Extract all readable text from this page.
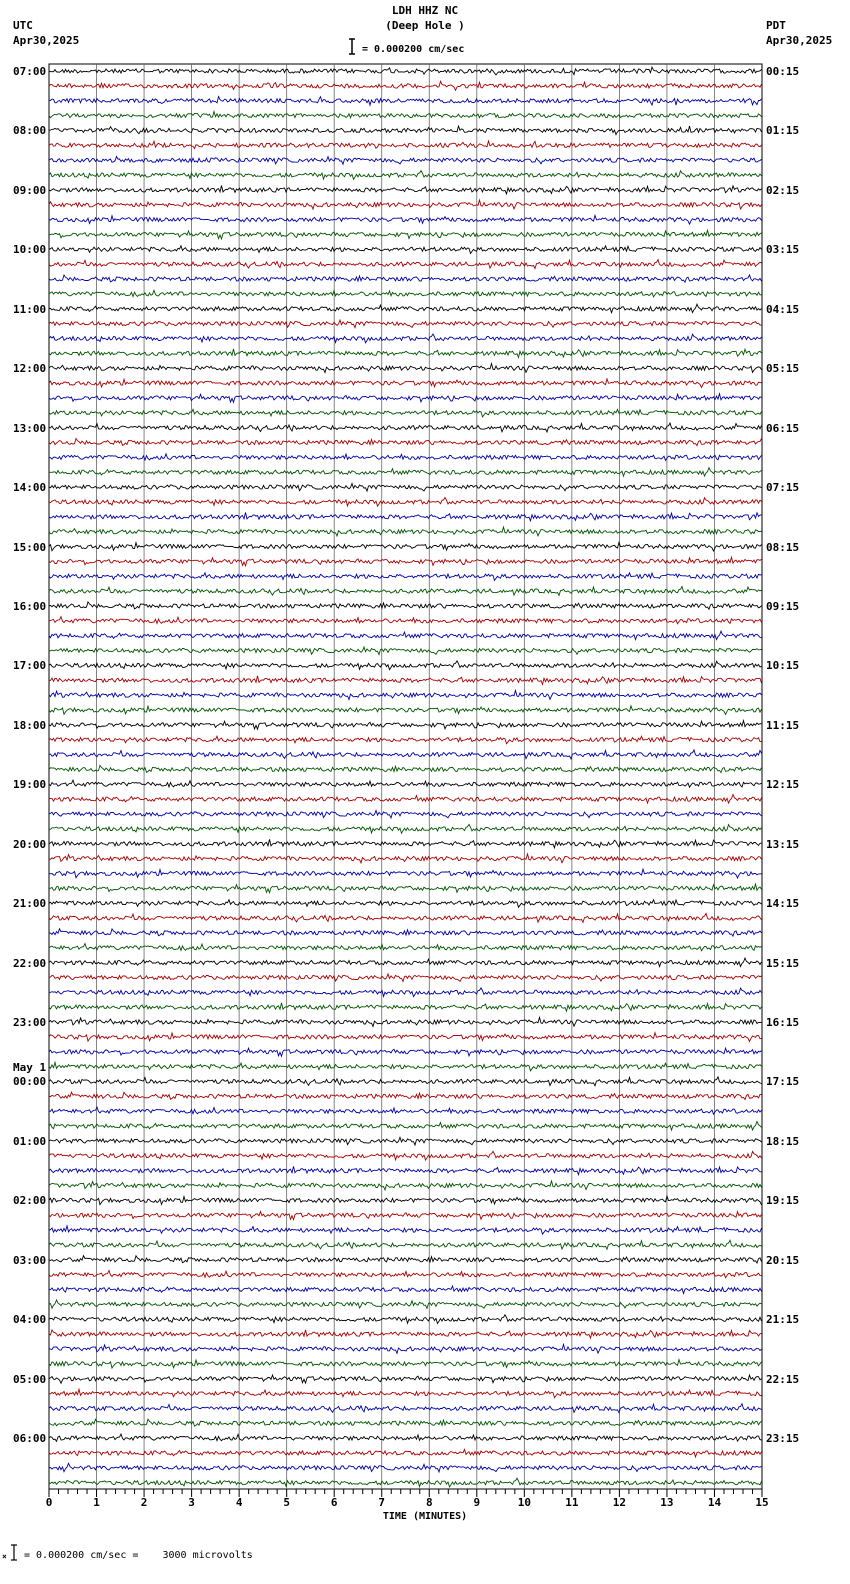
LDH HHZ NC
(Deep Hole )
UTC
Apr30,2025
PDT
Apr30,2025
= 0.000200 cm/sec
0	1	2	3	4	5	6	7	8	9	10	11	12	13	14	15
07:00
08:00
09:00
10:00
11:00
12:00
13:00
14:00
15:00
16:00
17:00
18:00
19:00
20:00
21:00
22:00
23:00
00:00
May 1
01:00
02:00
03:00
04:00
05:00
06:00
00:15
01:15
02:15
03:15
04:15
05:15
06:15
07:15
08:15
09:15
10:15
11:15
12:15
13:15
14:15
15:15
16:15
17:15
18:15
19:15
20:15
21:15
22:15
23:15
TIME (MINUTES)
× = 0.000200 cm/sec =    3000 microvolts
